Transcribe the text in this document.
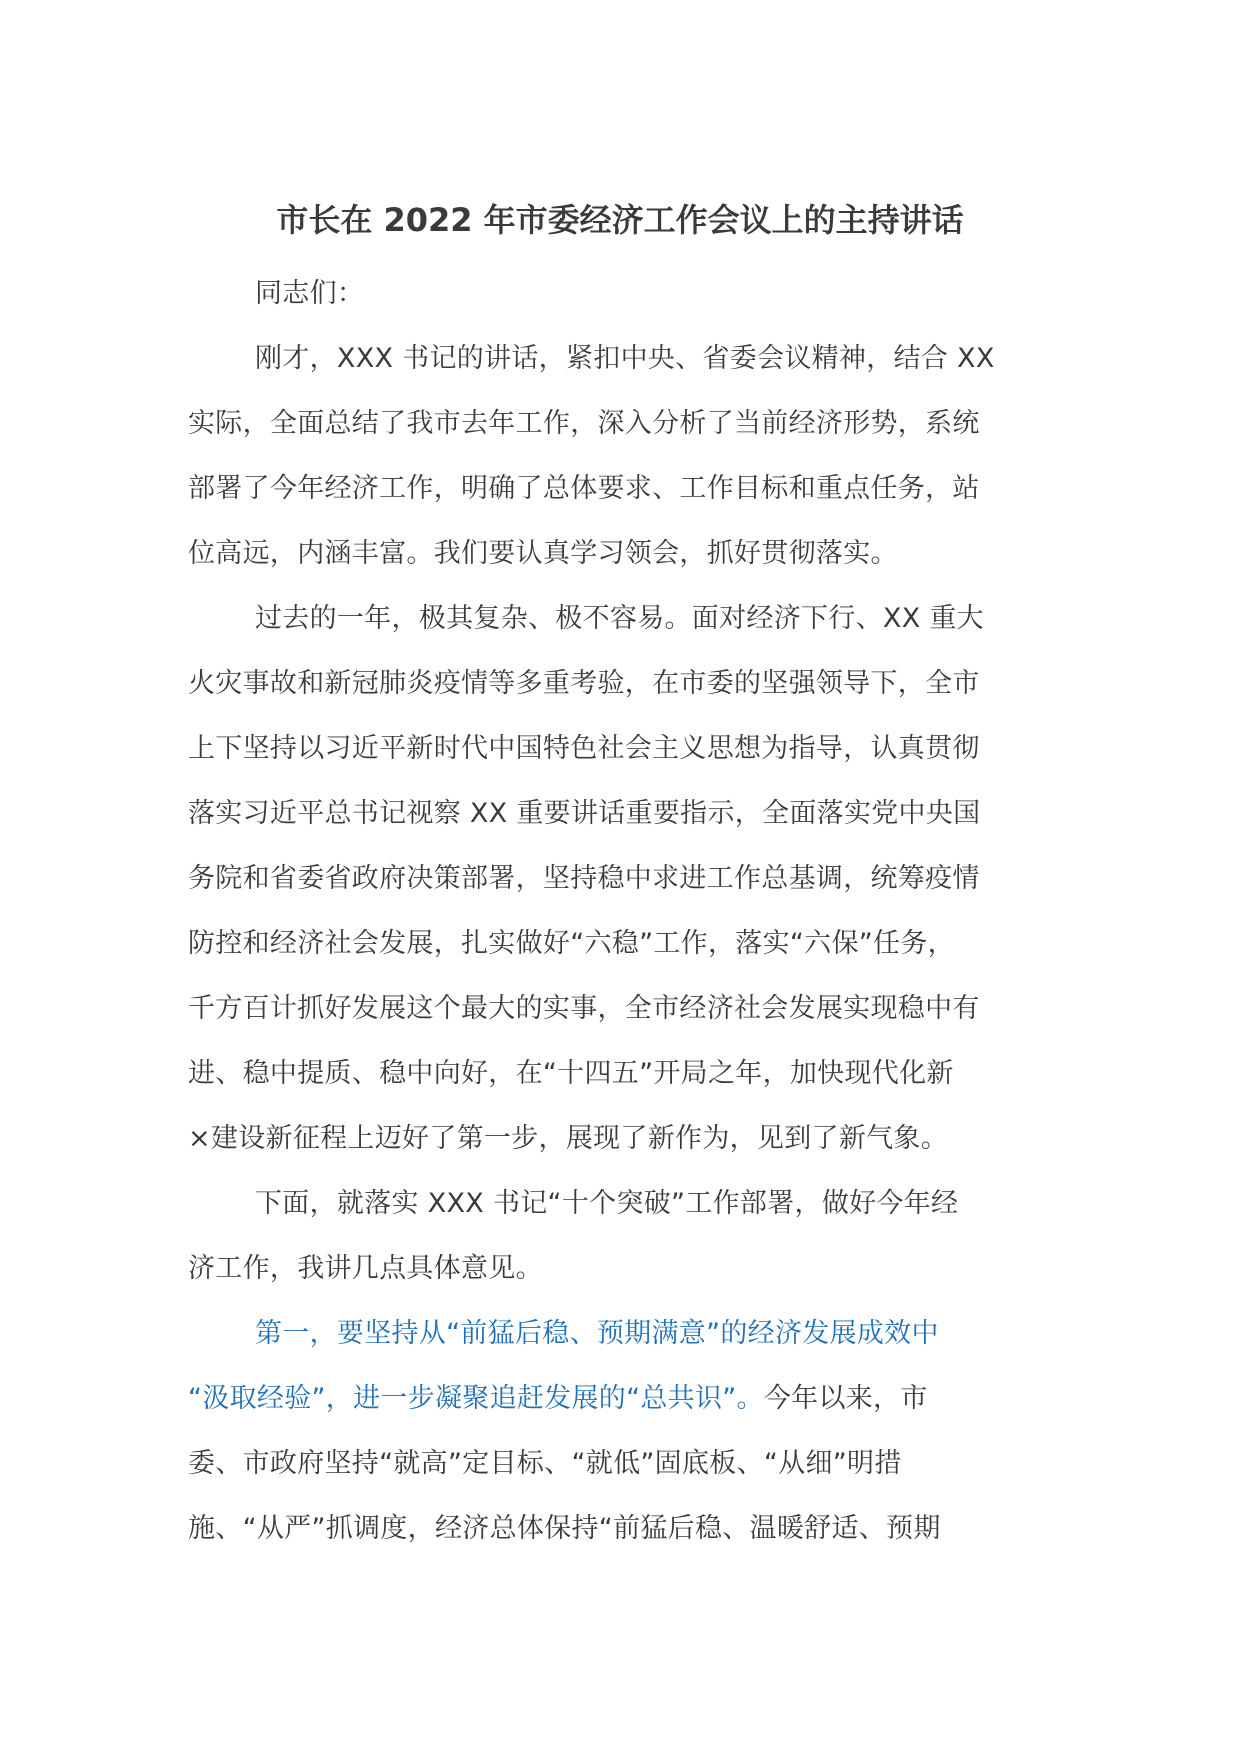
市长在 2022 年市委经济工作会议上的主持讲话
同志们：
刚才，XXX 书记的讲话，紧扣中央、省委会议精神，结合 XX
实际，全面总结了我市去年工作，深入分析了当前经济形势，系统
部署了今年经济工作，明确了总体要求、工作目标和重点任务，站
位高远，内涵丰富。我们要认真学习领会，抓好贯彻落实。
过去的一年，极其复杂、极不容易。面对经济下行、XX 重大
火灾事故和新冠肺炎疫情等多重考验，在市委的坚强领导下，全市
上下坚持以习近平新时代中国特色社会主义思想为指导，认真贯彻
落实习近平总书记视察 XX 重要讲话重要指示，全面落实党中央国
务院和省委省政府决策部署，坚持稳中求进工作总基调，统筹疫情
防控和经济社会发展，扎实做好“六稳”工作，落实“六保”任务，
千方百计抓好发展这个最大的实事，全市经济社会发展实现稳中有
进、稳中提质、稳中向好，在“十四五”开局之年，加快现代化新
×建设新征程上迈好了第一步，展现了新作为，见到了新气象。
下面，就落实 XXX 书记“十个突破”工作部署，做好今年经
济工作，我讲几点具体意见。
第一，要坚持从“前猛后稳、预期满意”的经济发展成效中
“汲取经验”，进一步凝聚追赶发展的“总共识”。今年以来，市
委、市政府坚持“就高”定目标、“就低”固底板、“从细”明措
施、“从严”抓调度，经济总体保持“前猛后稳、温暖舒适、预期
